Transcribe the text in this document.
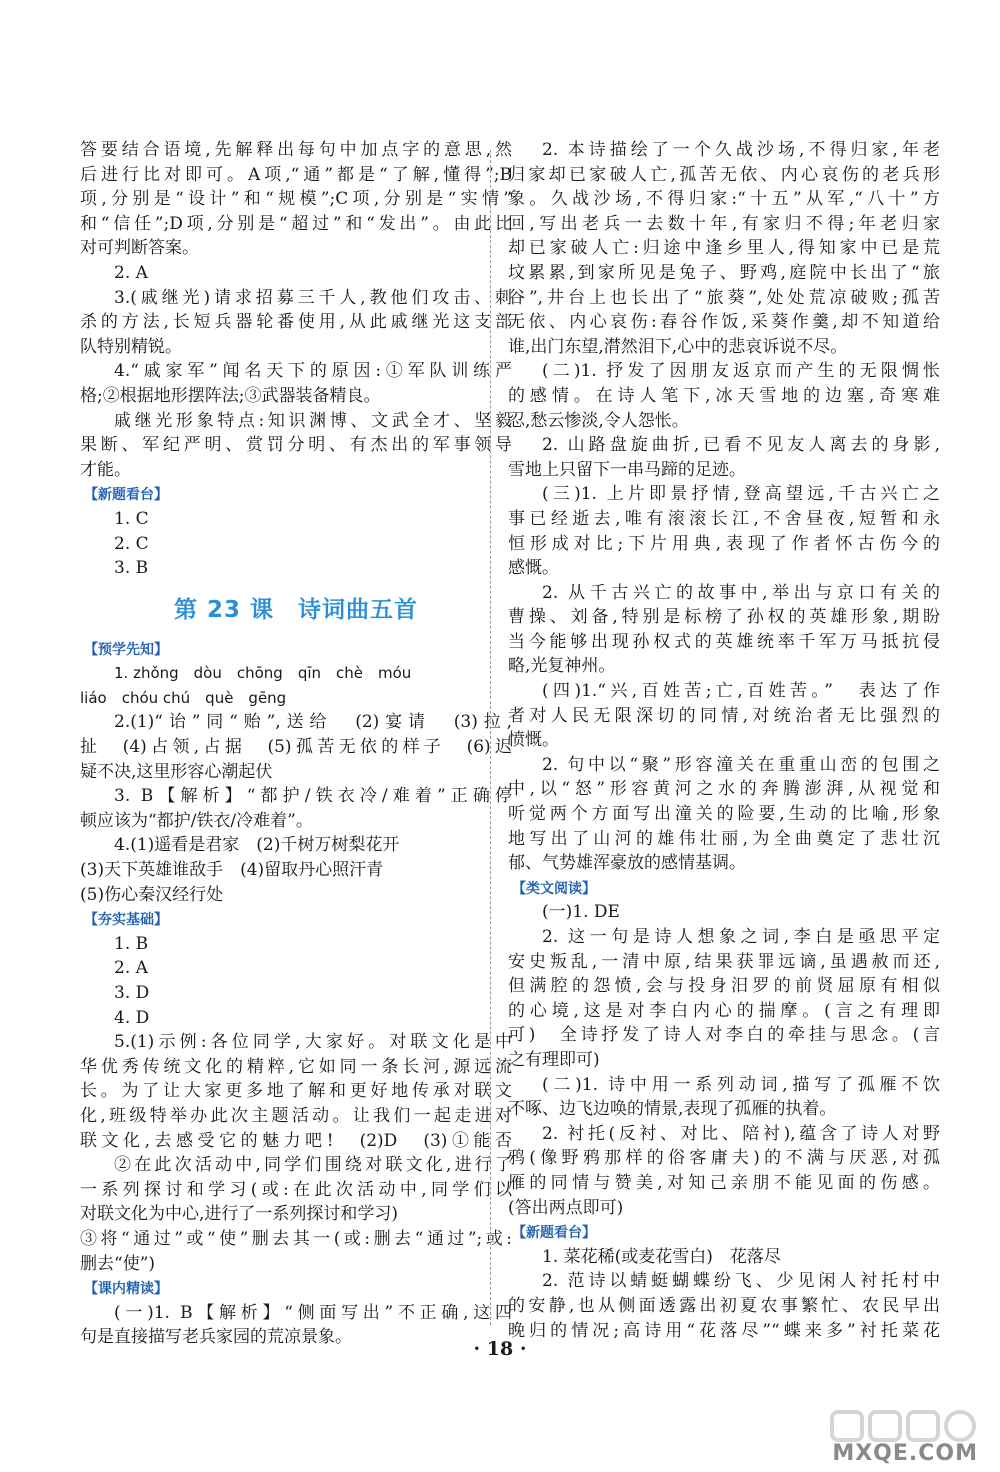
答要结合语境,先解释出每句中加点字的意思,然
后进行比对即可。A项,“通”都是“了解,懂得”;B
项,分别是“设计”和“规模”;C项,分别是“实情”
和“信任”;D项,分别是“超过”和“发出”。由此比
对可判断答案。
2. A
3.(戚继光)请求招募三千人,教他们攻击、刺
杀的方法,长短兵器轮番使用,从此戚继光这支部
队特别精锐。
4.“戚家军”闻名天下的原因:①军队训练严
格;②根据地形摆阵法;③武器装备精良。
戚继光形象特点:知识渊博、文武全才、坚毅
果断、军纪严明、赏罚分明、有杰出的军事领导
才能。
【新题看台】
1. C
2. C
3. B
第 23 课　诗词曲五首
【预学先知】
1. zhǒng　dòu　chōng　qīn　chè　móu
liáo　chóu chú　què　gēng
2.(1)“诒”同“贻”,送给　(2)宴请　(3)拉,
扯　(4)占领,占据　(5)孤苦无依的样子　(6)迟
疑不决,这里形容心潮起伏
3. B【解析】“都护/铁衣冷/难着”正确停
顿应该为“都护/铁衣/冷难着”。
4.(1)遥看是君家　(2)千树万树梨花开
(3)天下英雄谁敌手　(4)留取丹心照汗青
(5)伤心秦汉经行处
【夯实基础】
1. B
2. A
3. D
4. D
5.(1)示例:各位同学,大家好。对联文化是中
华优秀传统文化的精粹,它如同一条长河,源远流
长。为了让大家更多地了解和更好地传承对联文
化,班级特举办此次主题活动。让我们一起走进对
联文化,去感受它的魅力吧!　(2)D　(3)①能否
②在此次活动中,同学们围绕对联文化,进行了
一系列探讨和学习(或:在此次活动中,同学们以
对联文化为中心,进行了一系列探讨和学习)
③将“通过”或“使”删去其一(或:删去“通过”;或:
删去“使”)
【课内精读】
(一)1. B【解析】“侧面写出”不正确,这四
句是直接描写老兵家园的荒凉景象。
2. 本诗描绘了一个久战沙场,不得归家,年老
归家却已家破人亡,孤苦无依、内心哀伤的老兵形
象。久战沙场,不得归家:“十五”从军,“八十”方
回,写出老兵一去数十年,有家归不得;年老归家
却已家破人亡:归途中逢乡里人,得知家中已是荒
坟累累,到家所见是兔子、野鸡,庭院中长出了“旅
谷”,井台上也长出了“旅葵”,处处荒凉破败;孤苦
无依、内心哀伤:舂谷作饭,采葵作羹,却不知道给
谁,出门东望,潸然泪下,心中的悲哀诉说不尽。
(二)1. 抒发了因朋友返京而产生的无限惆怅
的感情。在诗人笔下,冰天雪地的边塞,奇寒难
忍,愁云惨淡,令人怨怅。
2. 山路盘旋曲折,已看不见友人离去的身影,
雪地上只留下一串马蹄的足迹。
(三)1. 上片即景抒情,登高望远,千古兴亡之
事已经逝去,唯有滚滚长江,不舍昼夜,短暂和永
恒形成对比;下片用典,表现了作者怀古伤今的
感慨。
2. 从千古兴亡的故事中,举出与京口有关的
曹操、刘备,特别是标榜了孙权的英雄形象,期盼
当今能够出现孙权式的英雄统率千军万马抵抗侵
略,光复神州。
(四)1.“兴,百姓苦;亡,百姓苦。”　表达了作
者对人民无限深切的同情,对统治者无比强烈的
愤慨。
2. 句中以“聚”形容潼关在重重山峦的包围之
中,以“怒”形容黄河之水的奔腾澎湃,从视觉和
听觉两个方面写出潼关的险要,生动的比喻,形象
地写出了山河的雄伟壮丽,为全曲奠定了悲壮沉
郁、气势雄浑豪放的感情基调。
【类文阅读】
(一)1. DE
2. 这一句是诗人想象之词,李白是亟思平定
安史叛乱,一清中原,结果获罪远谪,虽遇赦而还,
但满腔的怨愤,会与投身汨罗的前贤屈原有相似
的心境,这是对李白内心的揣摩。(言之有理即
可)　全诗抒发了诗人对李白的牵挂与思念。(言
之有理即可)
(二)1. 诗中用一系列动词,描写了孤雁不饮
不啄、边飞边唤的情景,表现了孤雁的执着。
2. 衬托(反衬、对比、陪衬),蕴含了诗人对野
鸦(像野鸦那样的俗客庸夫)的不满与厌恶,对孤
雁的同情与赞美,对知己亲朋不能见面的伤感。
(答出两点即可)
【新题看台】
1. 菜花稀(或麦花雪白)　花落尽
2. 范诗以蜻蜓蝴蝶纷飞、少见闲人衬托村中
的安静,也从侧面透露出初夏农事繁忙、农民早出
晚归的情况;高诗用“花落尽”“蝶来多”衬托菜花
· 18 ·
MXQE.COM
